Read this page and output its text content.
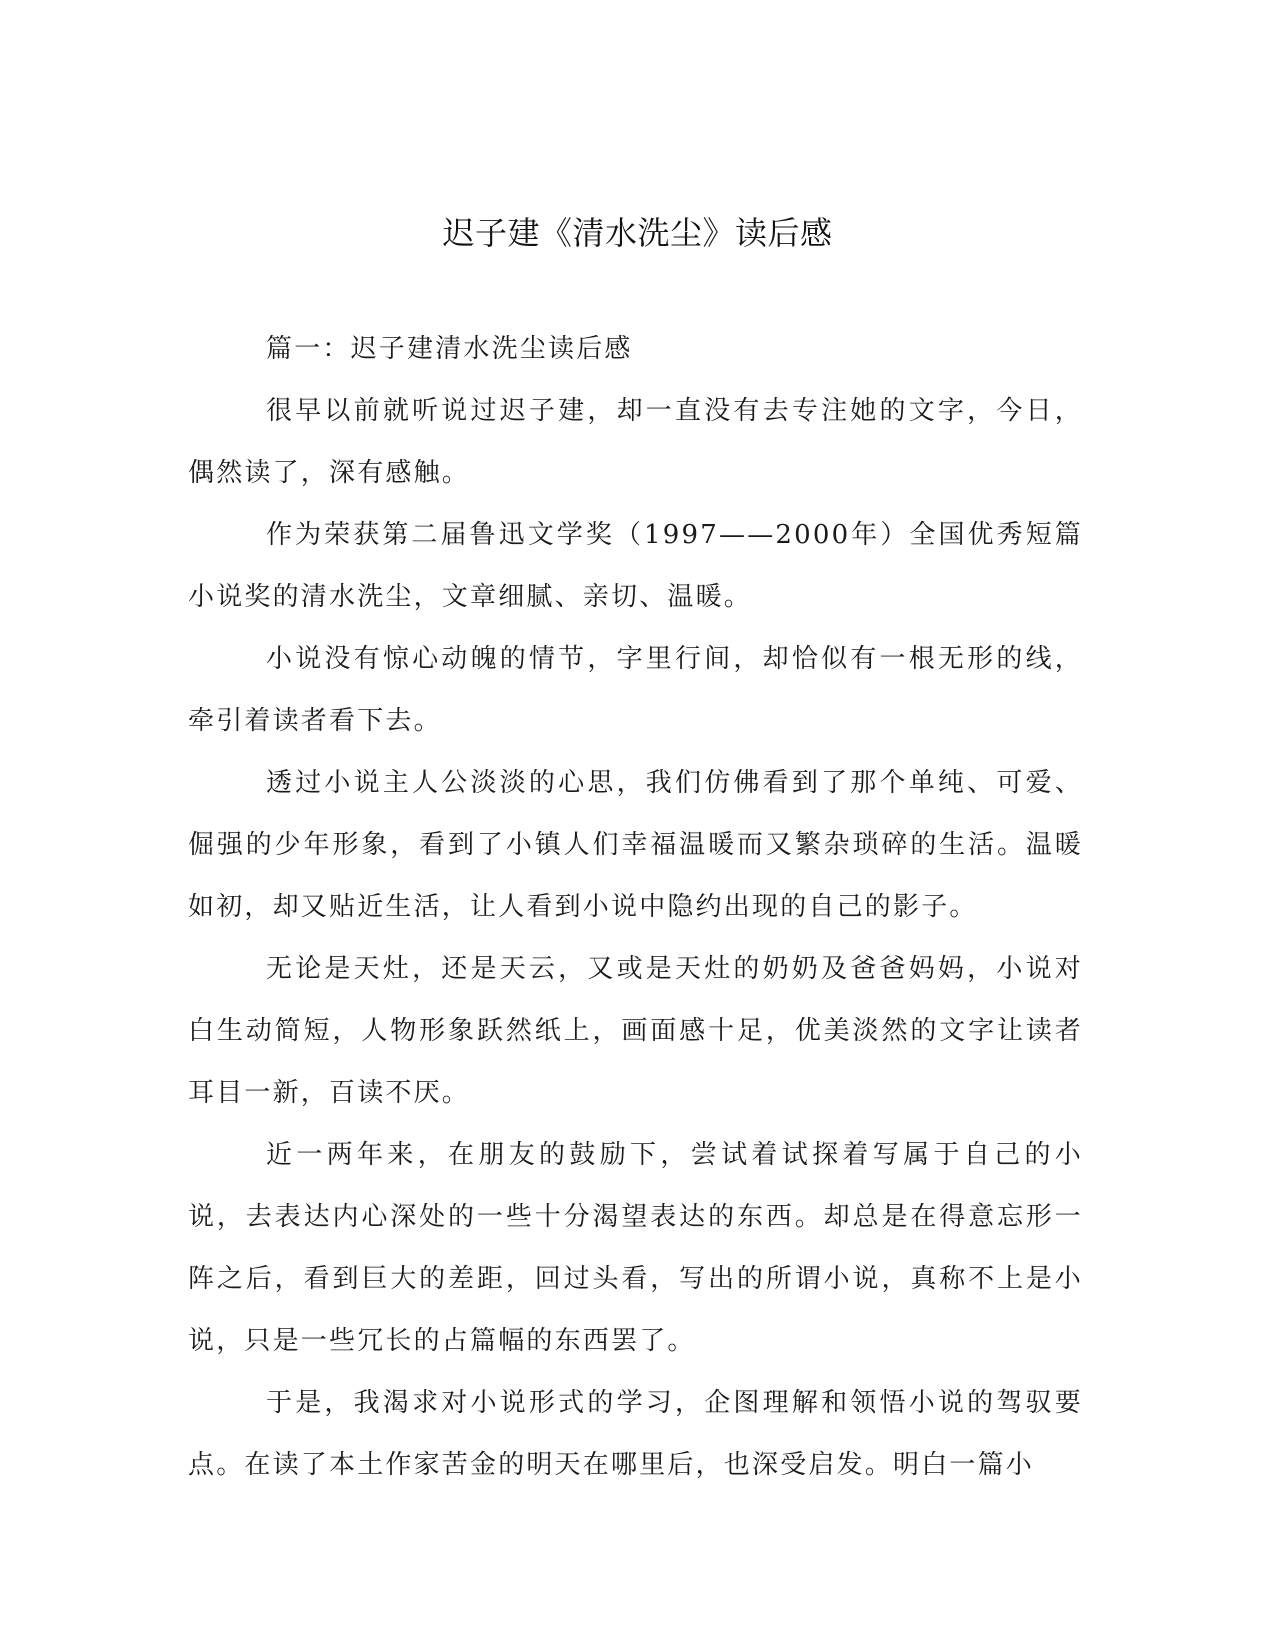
迟子建《清水洗尘》读后感

篇一：迟子建清水洗尘读后感

很早以前就听说过迟子建，却一直没有去专注她的文字，今日，偶然读了，深有感触。

作为荣获第二届鲁迅文学奖（1997——2000年）全国优秀短篇小说奖的清水洗尘，文章细腻、亲切、温暖。

小说没有惊心动魄的情节，字里行间，却恰似有一根无形的线，牵引着读者看下去。

透过小说主人公淡淡的心思，我们仿佛看到了那个单纯、可爱、倔强的少年形象，看到了小镇人们幸福温暖而又繁杂琐碎的生活。温暖如初，却又贴近生活，让人看到小说中隐约出现的自己的影子。

无论是天灶，还是天云，又或是天灶的奶奶及爸爸妈妈，小说对白生动简短，人物形象跃然纸上，画面感十足，优美淡然的文字让读者耳目一新，百读不厌。

近一两年来，在朋友的鼓励下，尝试着试探着写属于自己的小说，去表达内心深处的一些十分渴望表达的东西。却总是在得意忘形一阵之后，看到巨大的差距，回过头看，写出的所谓小说，真称不上是小说，只是一些冗长的占篇幅的东西罢了。

于是，我渴求对小说形式的学习，企图理解和领悟小说的驾驭要点。在读了本土作家苦金的明天在哪里后，也深受启发。明白一篇小
